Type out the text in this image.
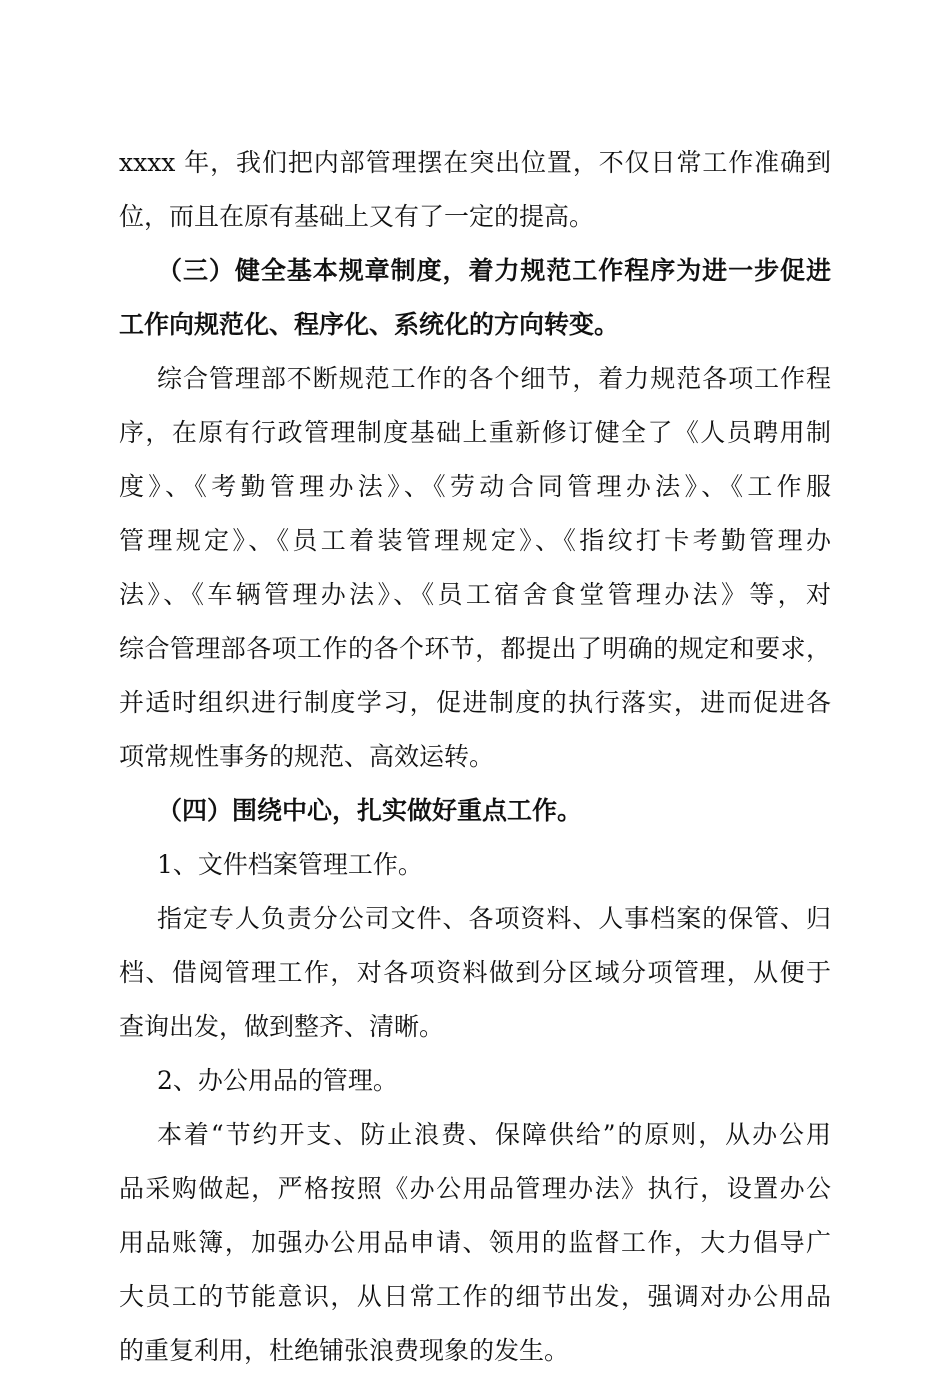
xxxx 年，我们把内部管理摆在突出位置，不仅日常工作准确到
位，而且在原有基础上又有了一定的提高。
（三）健全基本规章制度，着力规范工作程序为进一步促进
工作向规范化、程序化、系统化的方向转变。
综合管理部不断规范工作的各个细节，着力规范各项工作程
序，在原有行政管理制度基础上重新修订健全了《人员聘用制
度》、《考勤管理办法》、《劳动合同管理办法》、《工作服
管理规定》、《员工着装管理规定》、《指纹打卡考勤管理办
法》、《车辆管理办法》、《员工宿舍食堂管理办法》等，对
综合管理部各项工作的各个环节，都提出了明确的规定和要求，
并适时组织进行制度学习，促进制度的执行落实，进而促进各
项常规性事务的规范、高效运转。
（四）围绕中心，扎实做好重点工作。
1、文件档案管理工作。
指定专人负责分公司文件、各项资料、人事档案的保管、归
档、借阅管理工作，对各项资料做到分区域分项管理，从便于
查询出发，做到整齐、清晰。
2、办公用品的管理。
本着“节约开支、防止浪费、保障供给”的原则，从办公用
品采购做起，严格按照《办公用品管理办法》执行，设置办公
用品账簿，加强办公用品申请、领用的监督工作，大力倡导广
大员工的节能意识，从日常工作的细节出发，强调对办公用品
的重复利用，杜绝铺张浪费现象的发生。
